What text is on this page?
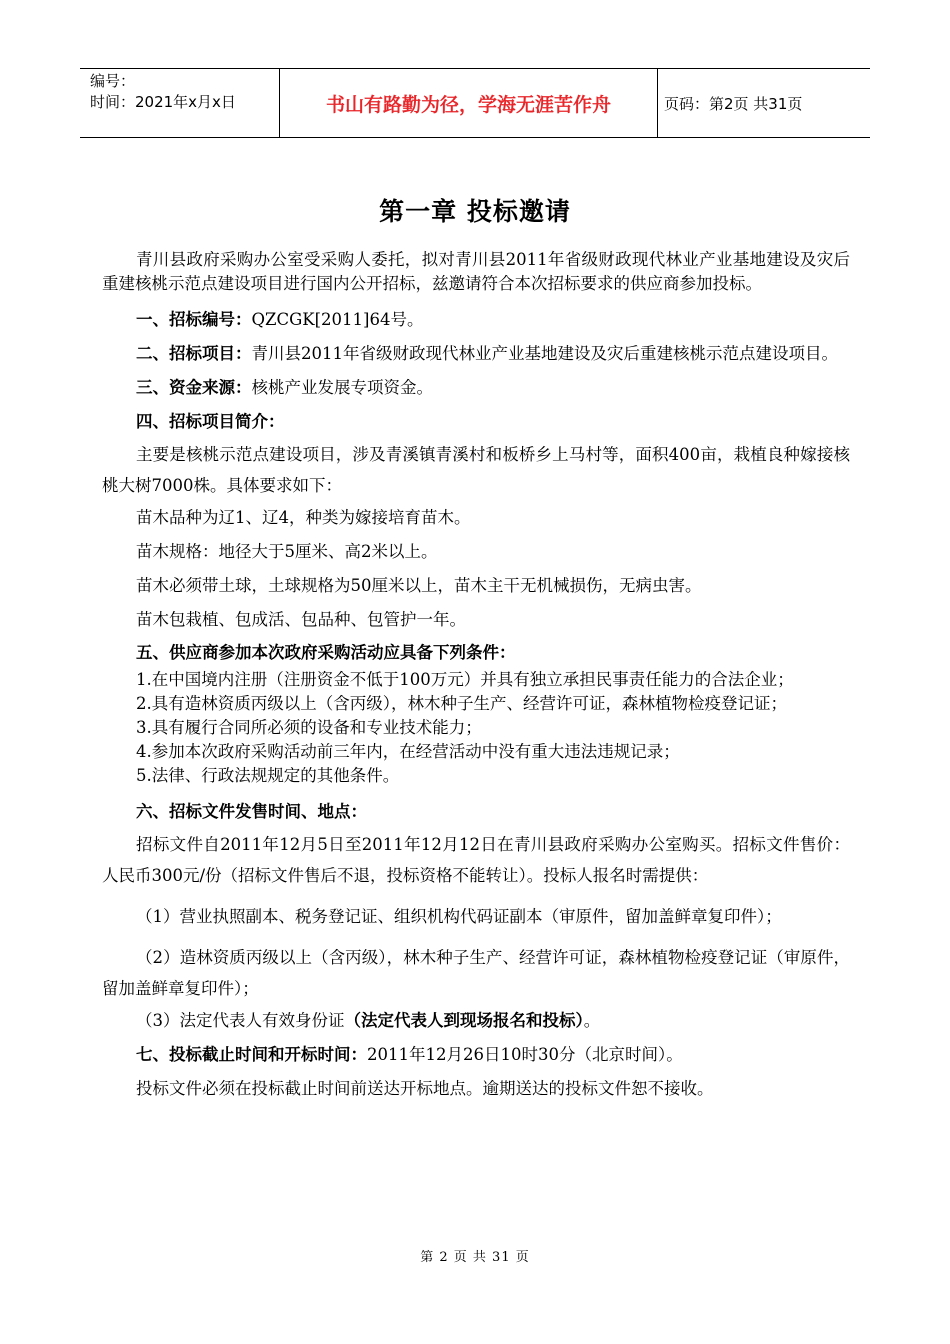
编号：
时间：2021年x月x日	书山有路勤为径，学海无涯苦作舟	页码：第2页 共31页
第一章 投标邀请

青川县政府采购办公室受采购人委托，拟对青川县2011年省级财政现代林业产业基地建设及灾后重建核桃示范点建设项目进行国内公开招标，兹邀请符合本次招标要求的供应商参加投标。

一、招标编号：QZCGK[2011]64号。

二、招标项目：青川县2011年省级财政现代林业产业基地建设及灾后重建核桃示范点建设项目。

三、资金来源：核桃产业发展专项资金。

四、招标项目简介：

主要是核桃示范点建设项目，涉及青溪镇青溪村和板桥乡上马村等，面积400亩，栽植良种嫁接核桃大树7000株。具体要求如下：

苗木品种为辽1、辽4，种类为嫁接培育苗木。

苗木规格：地径大于5厘米、高2米以上。

苗木必须带土球，土球规格为50厘米以上，苗木主干无机械损伤，无病虫害。

苗木包栽植、包成活、包品种、包管护一年。

五、供应商参加本次政府采购活动应具备下列条件：

1.在中国境内注册（注册资金不低于100万元）并具有独立承担民事责任能力的合法企业；

2.具有造林资质丙级以上（含丙级），林木种子生产、经营许可证，森林植物检疫登记证；

3.具有履行合同所必须的设备和专业技术能力；

4.参加本次政府采购活动前三年内，在经营活动中没有重大违法违规记录；

5.法律、行政法规规定的其他条件。

六、招标文件发售时间、地点：

招标文件自2011年12月5日至2011年12月12日在青川县政府采购办公室购买。招标文件售价：人民币300元/份（招标文件售后不退，投标资格不能转让）。投标人报名时需提供：

（1）营业执照副本、税务登记证、组织机构代码证副本（审原件，留加盖鲜章复印件）；

（2）造林资质丙级以上（含丙级），林木种子生产、经营许可证，森林植物检疫登记证（审原件，留加盖鲜章复印件）；

（3）法定代表人有效身份证（法定代表人到现场报名和投标）。

七、投标截止时间和开标时间：2011年12月26日10时30分（北京时间）。

投标文件必须在投标截止时间前送达开标地点。逾期送达的投标文件恕不接收。

第 2 页 共 31 页
